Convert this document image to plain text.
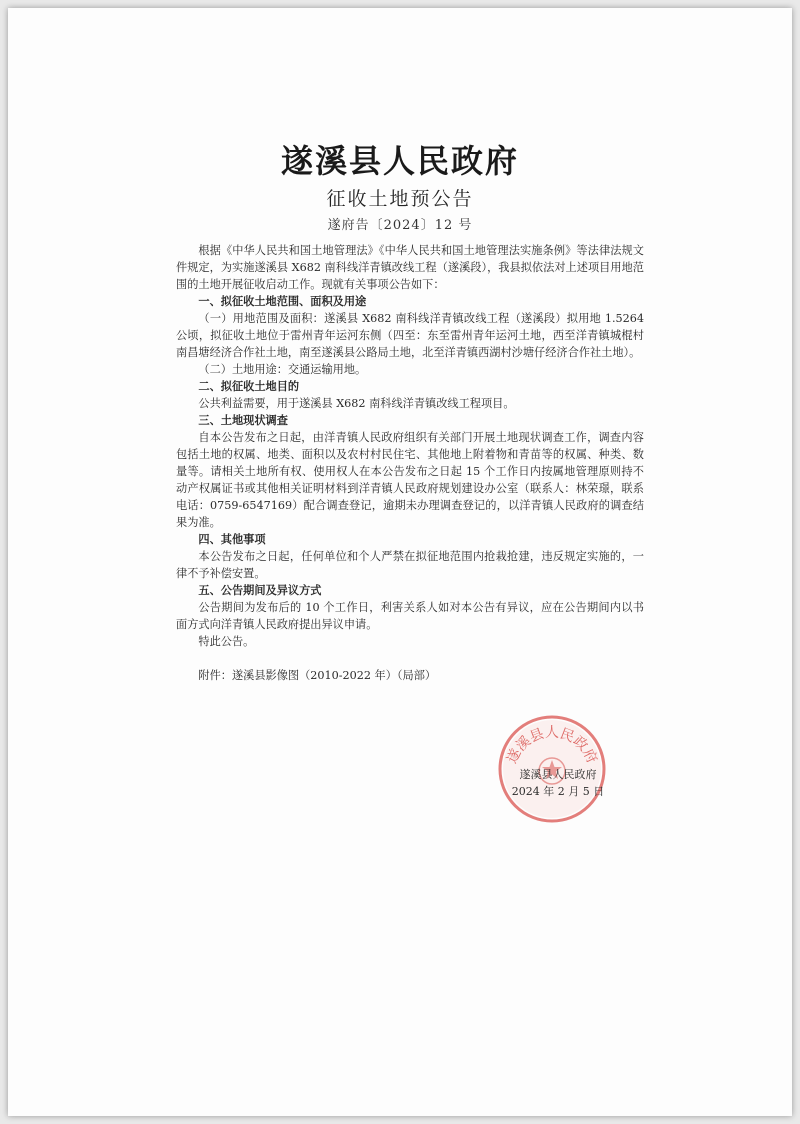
遂溪县人民政府
征收土地预公告
遂府告〔2024〕12 号

根据《中华人民共和国土地管理法》《中华人民共和国土地管理法实施条例》等法律法规文件规定，为实施遂溪县 X682 南科线洋青镇改线工程（遂溪段），我县拟依法对上述项目用地范围的土地开展征收启动工作。现就有关事项公告如下：

一、拟征收土地范围、面积及用途

（一）用地范围及面积：遂溪县 X682 南科线洋青镇改线工程（遂溪段）拟用地 1.5264 公顷，拟征收土地位于雷州青年运河东侧（四至：东至雷州青年运河土地，西至洋青镇城棍村南昌塘经济合作社土地，南至遂溪县公路局土地，北至洋青镇西湖村沙塘仔经济合作社土地）。

（二）土地用途：交通运输用地。

二、拟征收土地目的

公共利益需要，用于遂溪县 X682 南科线洋青镇改线工程项目。

三、土地现状调查

自本公告发布之日起，由洋青镇人民政府组织有关部门开展土地现状调查工作，调查内容包括土地的权属、地类、面积以及农村村民住宅、其他地上附着物和青苗等的权属、种类、数量等。请相关土地所有权、使用权人在本公告发布之日起 15 个工作日内按属地管理原则持不动产权属证书或其他相关证明材料到洋青镇人民政府规划建设办公室（联系人：林荣璟，联系电话：0759-6547169）配合调查登记，逾期未办理调查登记的，以洋青镇人民政府的调查结果为准。

四、其他事项

本公告发布之日起，任何单位和个人严禁在拟征地范围内抢栽抢建，违反规定实施的，一律不予补偿安置。

五、公告期间及异议方式

公告期间为发布后的 10 个工作日，利害关系人如对本公告有异议，应在公告期间内以书面方式向洋青镇人民政府提出异议申请。

特此公告。

附件：遂溪县影像图（2010-2022 年）（局部）

遂溪县人民政府
遂溪县人民政府
2024 年 2 月 5 日
